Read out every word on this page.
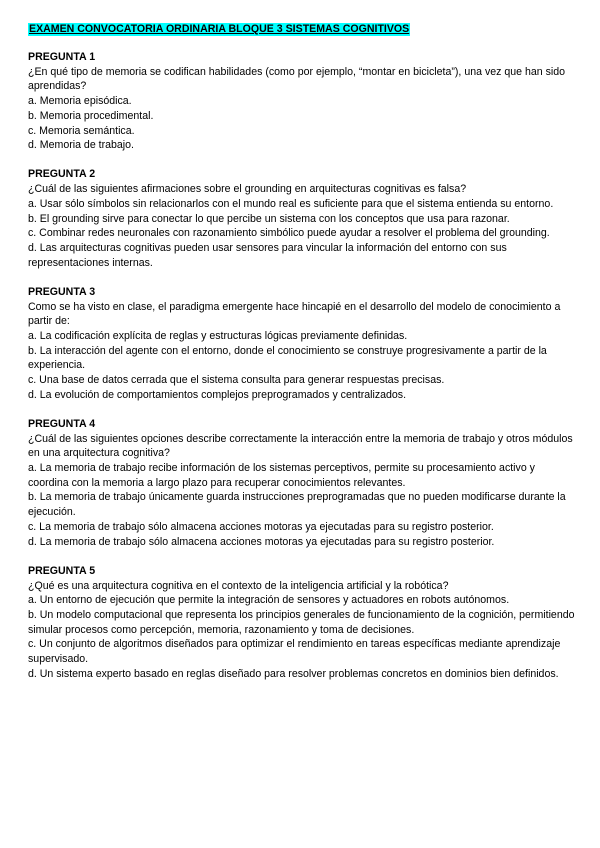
EXAMEN CONVOCATORIA ORDINARIA BLOQUE 3 SISTEMAS COGNITIVOS
PREGUNTA 1
¿En qué tipo de memoria se codifican habilidades (como por ejemplo, “montar en bicicleta”), una vez que han sido aprendidas?
a. Memoria episódica.
b. Memoria procedimental.
c. Memoria semántica.
d. Memoria de trabajo.
PREGUNTA 2
¿Cuál de las siguientes afirmaciones sobre el grounding en arquitecturas cognitivas es falsa?
a. Usar sólo símbolos sin relacionarlos con el mundo real es suficiente para que el sistema entienda su entorno.
b. El grounding sirve para conectar lo que percibe un sistema con los conceptos que usa para razonar.
c. Combinar redes neuronales con razonamiento simbólico puede ayudar a resolver el problema del grounding.
d. Las arquitecturas cognitivas pueden usar sensores para vincular la información del entorno con sus representaciones internas.
PREGUNTA 3
Como se ha visto en clase, el paradigma emergente hace hincapié en el desarrollo del modelo de conocimiento a partir de:
a. La codificación explícita de reglas y estructuras lógicas previamente definidas.
b. La interacción del agente con el entorno, donde el conocimiento se construye progresivamente a partir de la experiencia.
c. Una base de datos cerrada que el sistema consulta para generar respuestas precisas.
d. La evolución de comportamientos complejos preprogramados y centralizados.
PREGUNTA 4
¿Cuál de las siguientes opciones describe correctamente la interacción entre la memoria de trabajo y otros módulos en una arquitectura cognitiva?
a. La memoria de trabajo recibe información de los sistemas perceptivos, permite su procesamiento activo y coordina con la memoria a largo plazo para recuperar conocimientos relevantes.
b. La memoria de trabajo únicamente guarda instrucciones preprogramadas que no pueden modificarse durante la ejecución.
c. La memoria de trabajo sólo almacena acciones motoras ya ejecutadas para su registro posterior.
d. La memoria de trabajo sólo almacena acciones motoras ya ejecutadas para su registro posterior.
PREGUNTA 5
¿Qué es una arquitectura cognitiva en el contexto de la inteligencia artificial y la robótica?
a. Un entorno de ejecución que permite la integración de sensores y actuadores en robots autónomos.
b. Un modelo computacional que representa los principios generales de funcionamiento de la cognición, permitiendo simular procesos como percepción, memoria, razonamiento y toma de decisiones.
c. Un conjunto de algoritmos diseñados para optimizar el rendimiento en tareas específicas mediante aprendizaje supervisado.
d. Un sistema experto basado en reglas diseñado para resolver problemas concretos en dominios bien definidos.
